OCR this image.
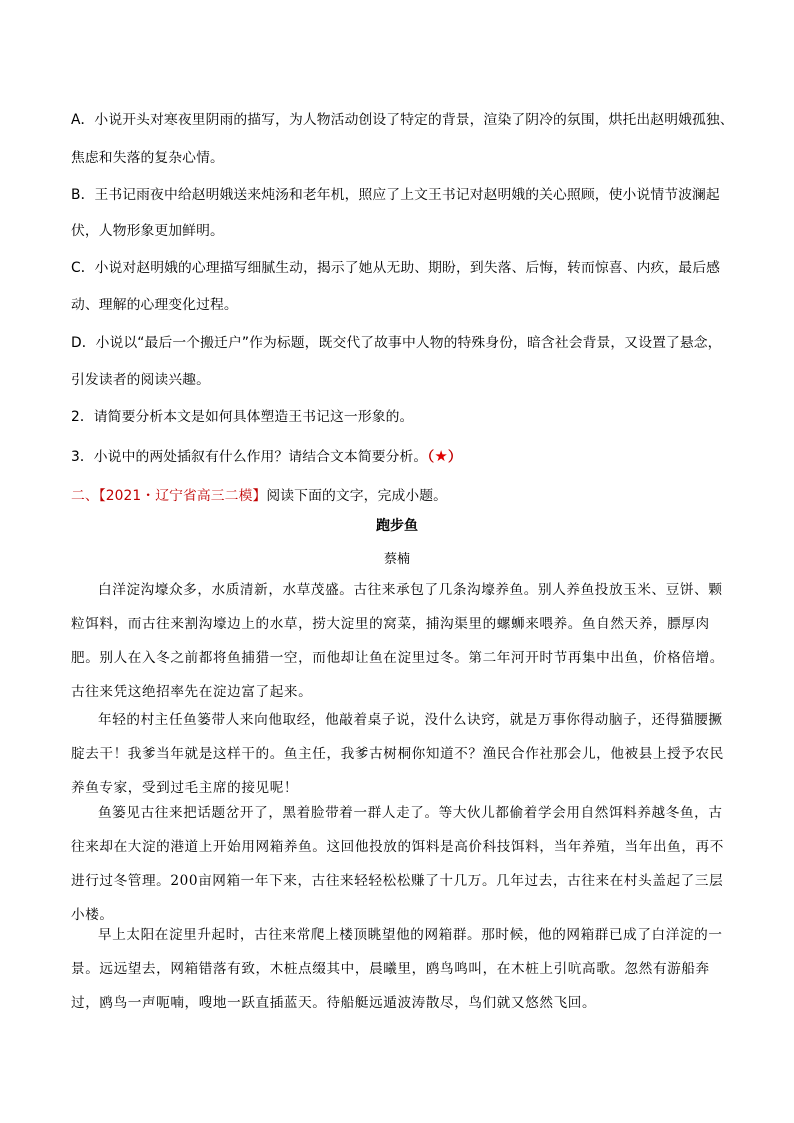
A．小说开头对寒夜里阴雨的描写，为人物活动创设了特定的背景，渲染了阴冷的氛围，烘托出赵明娥孤独、
焦虑和失落的复杂心情。
B．王书记雨夜中给赵明娥送来炖汤和老年机，照应了上文王书记对赵明娥的关心照顾，使小说情节波澜起
伏，人物形象更加鲜明。
C．小说对赵明娥的心理描写细腻生动，揭示了她从无助、期盼，到失落、后悔，转而惊喜、内疚，最后感
动、理解的心理变化过程。
D．小说以“最后一个搬迁户”作为标题，既交代了故事中人物的特殊身份，暗含社会背景，又设置了悬念，
引发读者的阅读兴趣。
2．请简要分析本文是如何具体塑造王书记这一形象的。
3．小说中的两处插叙有什么作用？请结合文本简要分析。（★）
二、【2021・辽宁省高三二模】阅读下面的文字，完成小题。
跑步鱼
蔡楠
白洋淀沟壕众多，水质清新，水草茂盛。古往来承包了几条沟壕养鱼。别人养鱼投放玉米、豆饼、颗粒饵料，而古往来割沟壕边上的水草，捞大淀里的窝菜，捕沟渠里的螺蛳来喂养。鱼自然天养，膘厚肉肥。别人在入冬之前都将鱼捕猎一空，而他却让鱼在淀里过冬。第二年河开时节再集中出鱼，价格倍增。古往来凭这绝招率先在淀边富了起来。
年轻的村主任鱼篓带人来向他取经，他敲着桌子说，没什么诀窍，就是万事你得动脑子，还得猫腰撅腚去干！我爹当年就是这样干的。鱼主任，我爹古树桐你知道不？渔民合作社那会儿，他被县上授予农民养鱼专家，受到过毛主席的接见呢！
鱼篓见古往来把话题岔开了，黑着脸带着一群人走了。等大伙儿都偷着学会用自然饵料养越冬鱼，古往来却在大淀的港道上开始用网箱养鱼。这回他投放的饵料是高价科技饵料，当年养殖，当年出鱼，再不进行过冬管理。200亩网箱一年下来，古往来轻轻松松赚了十几万。几年过去，古往来在村头盖起了三层小楼。
早上太阳在淀里升起时，古往来常爬上楼顶眺望他的网箱群。那时候，他的网箱群已成了白洋淀的一景。远远望去，网箱错落有致，木桩点缀其中，晨曦里，鸥鸟鸣叫，在木桩上引吭高歌。忽然有游船奔过，鸥鸟一声呃喃，嗖地一跃直插蓝天。待船艇远遁波涛散尽，鸟们就又悠然飞回。
